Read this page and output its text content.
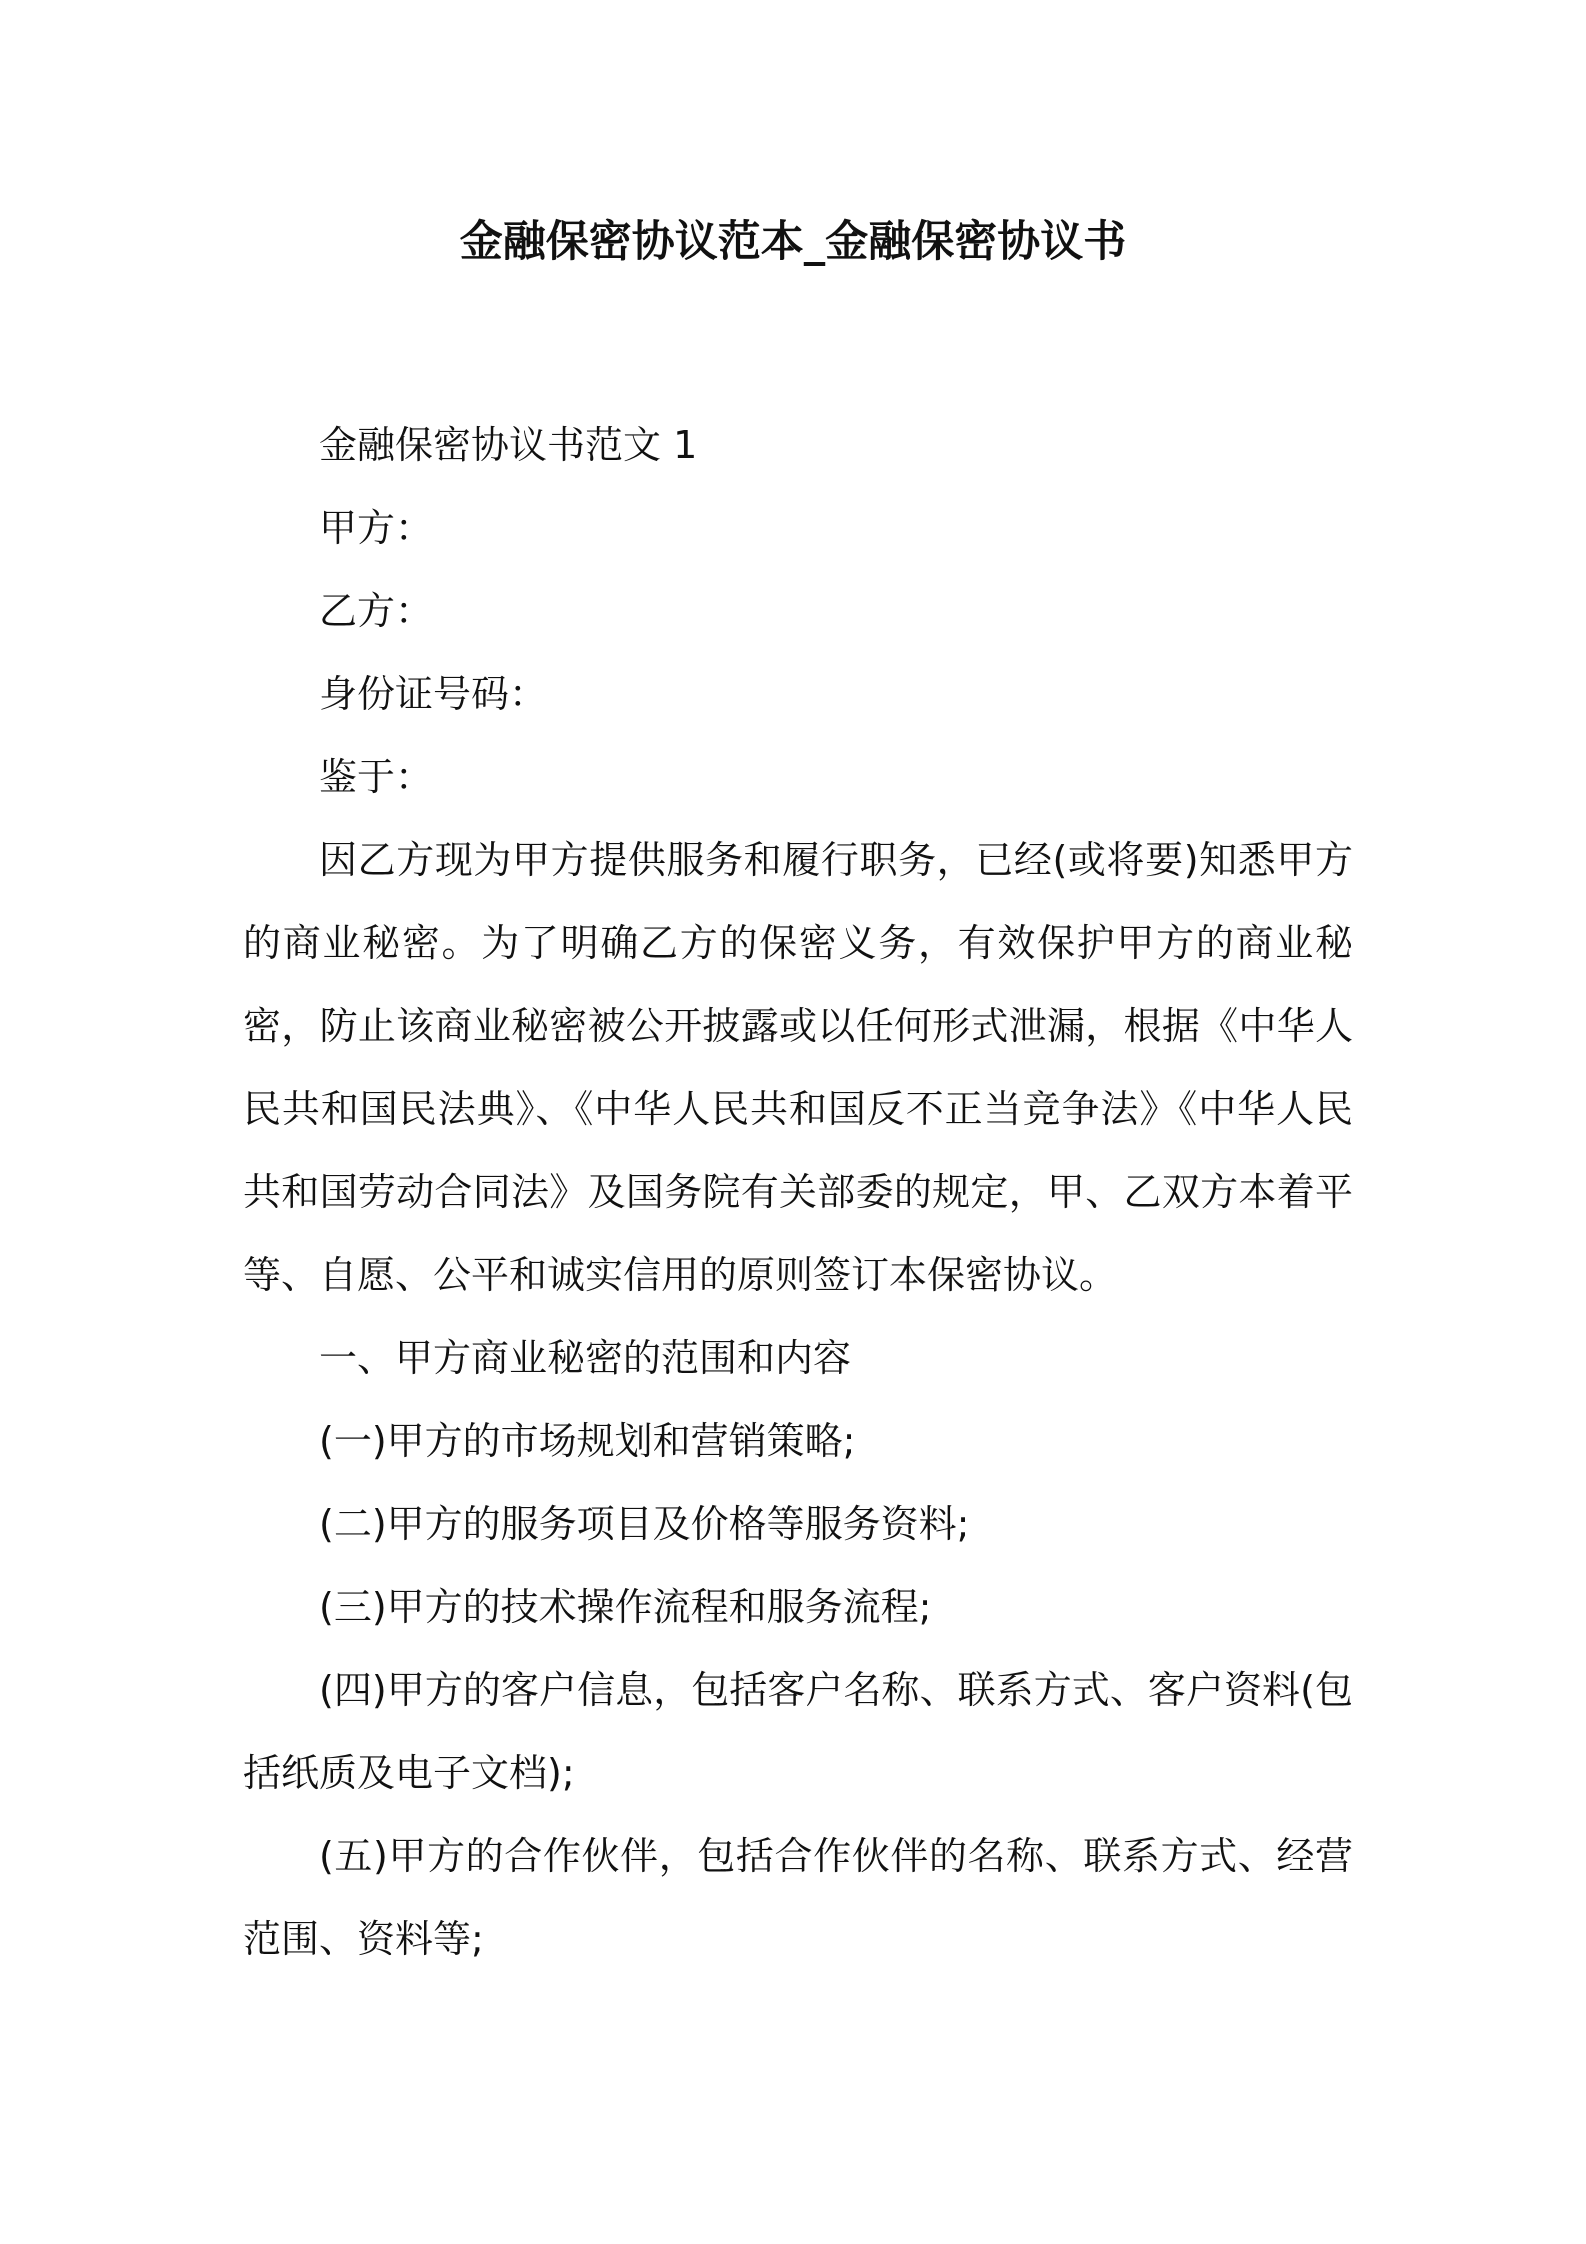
金融保密协议范本_金融保密协议书

金融保密协议书范文 1

甲方：

乙方：

身份证号码：

鉴于：

因乙方现为甲方提供服务和履行职务，已经(或将要)知悉甲方的商业秘密。为了明确乙方的保密义务，有效保护甲方的商业秘密，防止该商业秘密被公开披露或以任何形式泄漏，根据《中华人民共和国民法典》、《中华人民共和国反不正当竞争法》《中华人民共和国劳动合同法》及国务院有关部委的规定，甲、乙双方本着平等、自愿、公平和诚实信用的原则签订本保密协议。

一、甲方商业秘密的范围和内容

(一)甲方的市场规划和营销策略;

(二)甲方的服务项目及价格等服务资料;

(三)甲方的技术操作流程和服务流程;

(四)甲方的客户信息，包括客户名称、联系方式、客户资料(包括纸质及电子文档);

(五)甲方的合作伙伴，包括合作伙伴的名称、联系方式、经营范围、资料等;
